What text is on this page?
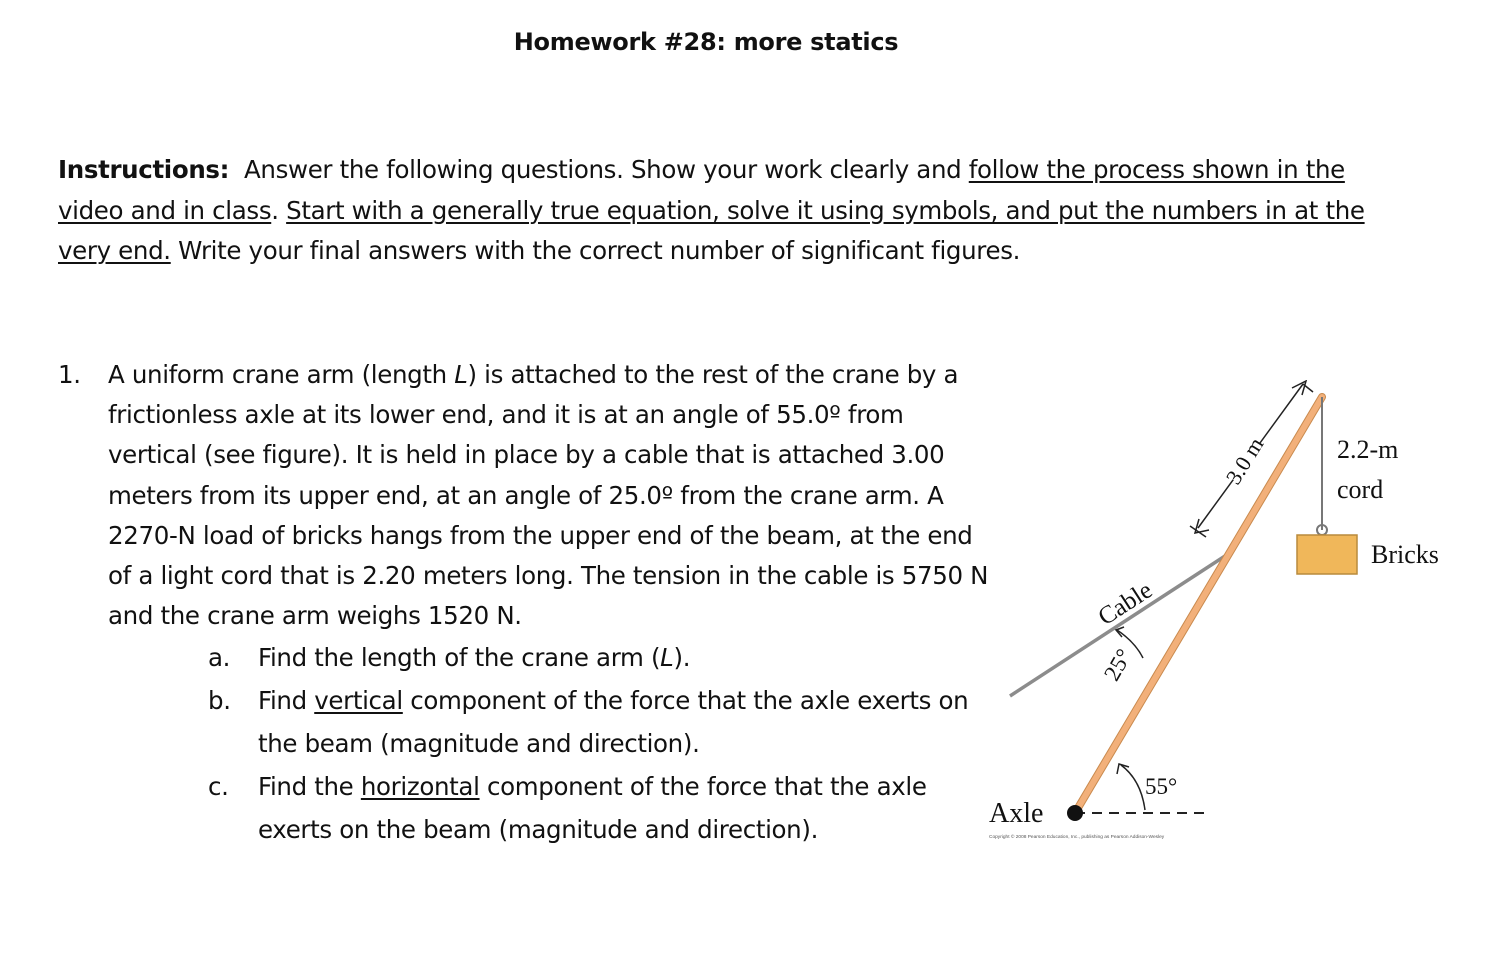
Homework #28: more statics
Instructions: Answer the following questions. Show your work clearly and follow the process shown in the video and in class. Start with a generally true equation, solve it using symbols, and put the numbers in at the very end. Write your final answers with the correct number of significant figures.
1. A uniform crane arm (length L) is attached to the rest of the crane by a frictionless axle at its lower end, and it is at an angle of 55.0º from vertical (see figure). It is held in place by a cable that is attached 3.00 meters from its upper end, at an angle of 25.0º from the crane arm. A 2270-N load of bricks hangs from the upper end of the beam, at the end of a light cord that is 2.20 meters long. The tension in the cable is 5750 N and the crane arm weighs 1520 N.
a. Find the length of the crane arm (L).
b. Find vertical component of the force that the axle exerts on the beam (magnitude and direction).
c. Find the horizontal component of the force that the axle exerts on the beam (magnitude and direction).
3.0 m
25°
Cable
55°
2.2-m
cord
Bricks
Axle
Copyright © 2008 Pearson Education, Inc., publishing as Pearson Addison-Wesley
